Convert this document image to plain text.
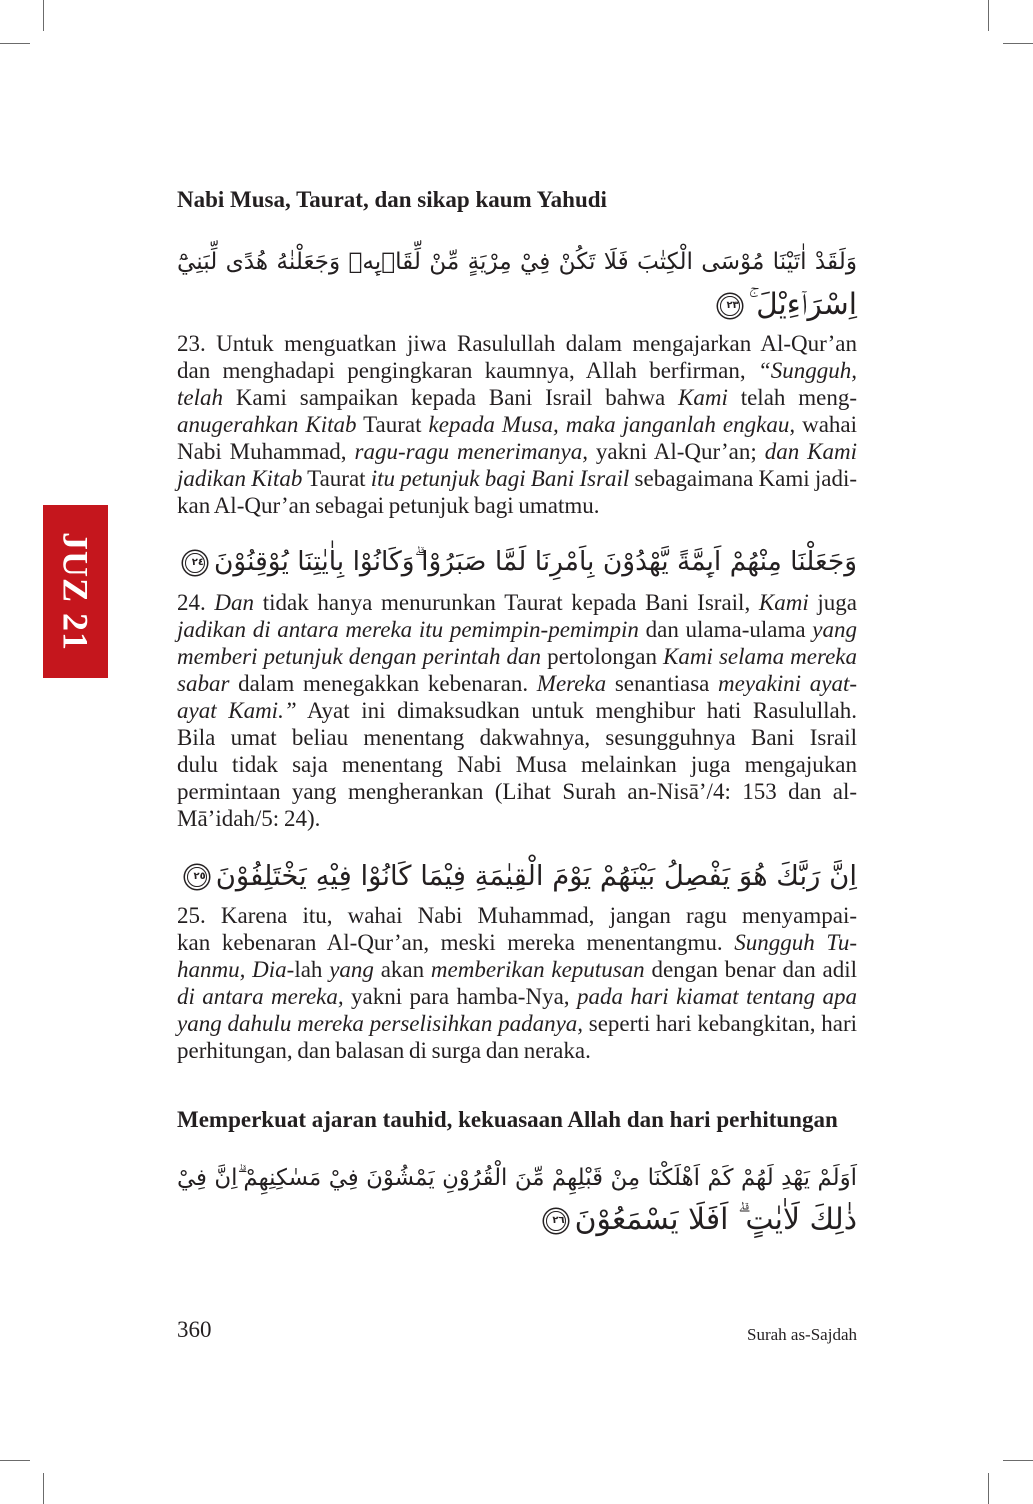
JUZ 21
Nabi Musa, Taurat, dan sikap kaum Yahudi
وَلَقَدْ اٰتَيْنَا مُوْسَى الْكِتٰبَ فَلَا تَكُنْ فِيْ مِرْيَةٍ مِّنْ لِّقَاۤىِٕهٖ وَجَعَلْنٰهُ هُدًى لِّبَنِيْٓ
اِسْرَاۤءِيْلَ ۚ٢٣
23. Untuk menguatkan jiwa Rasulullah dalam mengajarkan Al-Qur’an
dan menghadapi pengingkaran kaumnya, Allah berfirman, “Sungguh,
telah Kami sampaikan kepada Bani Israil bahwa Kami telah meng-
anugerahkan Kitab Taurat kepada Musa, maka janganlah engkau, wahai
Nabi Muhammad, ragu-ragu menerimanya, yakni Al-Qur’an; dan Kami
jadikan Kitab Taurat itu petunjuk bagi Bani Israil sebagaimana Kami jadi-
kan Al-Qur’an sebagai petunjuk bagi umatmu.
وَجَعَلْنَا مِنْهُمْ اَىِٕمَّةً يَّهْدُوْنَ بِاَمْرِنَا لَمَّا صَبَرُوْا ۗوَكَانُوْا بِاٰيٰتِنَا يُوْقِنُوْنَ٢٤
24. Dan tidak hanya menurunkan Taurat kepada Bani Israil, Kami juga
jadikan di antara mereka itu pemimpin-pemimpin dan ulama-ulama yang
memberi petunjuk dengan perintah dan pertolongan Kami selama mereka
sabar dalam menegakkan kebenaran. Mereka senantiasa meyakini ayat-
ayat Kami.” Ayat ini dimaksudkan untuk menghibur hati Rasulullah.
Bila umat beliau menentang dakwahnya, sesungguhnya Bani Israil
dulu tidak saja menentang Nabi Musa melainkan juga mengajukan
permintaan yang mengherankan (Lihat Surah an-Nisā’/4: 153 dan al-
Mā’idah/5: 24).
اِنَّ رَبَّكَ هُوَ يَفْصِلُ بَيْنَهُمْ يَوْمَ الْقِيٰمَةِ فِيْمَا كَانُوْا فِيْهِ يَخْتَلِفُوْنَ٢٥
25. Karena itu, wahai Nabi Muhammad, jangan ragu menyampai-
kan kebenaran Al-Qur’an, meski mereka menentangmu. Sungguh Tu-
hanmu, Dia-lah yang akan memberikan keputusan dengan benar dan adil
di antara mereka, yakni para hamba-Nya, pada hari kiamat tentang apa
yang dahulu mereka perselisihkan padanya, seperti hari kebangkitan, hari
perhitungan, dan balasan di surga dan neraka.
Memperkuat ajaran tauhid, kekuasaan Allah dan hari perhitungan
اَوَلَمْ يَهْدِ لَهُمْ كَمْ اَهْلَكْنَا مِنْ قَبْلِهِمْ مِّنَ الْقُرُوْنِ يَمْشُوْنَ فِيْ مَسٰكِنِهِمْ ۗاِنَّ فِيْ
ذٰلِكَ لَاٰيٰتٍ ۗ اَفَلَا يَسْمَعُوْنَ٢٦
360	Surah as-Sajdah
